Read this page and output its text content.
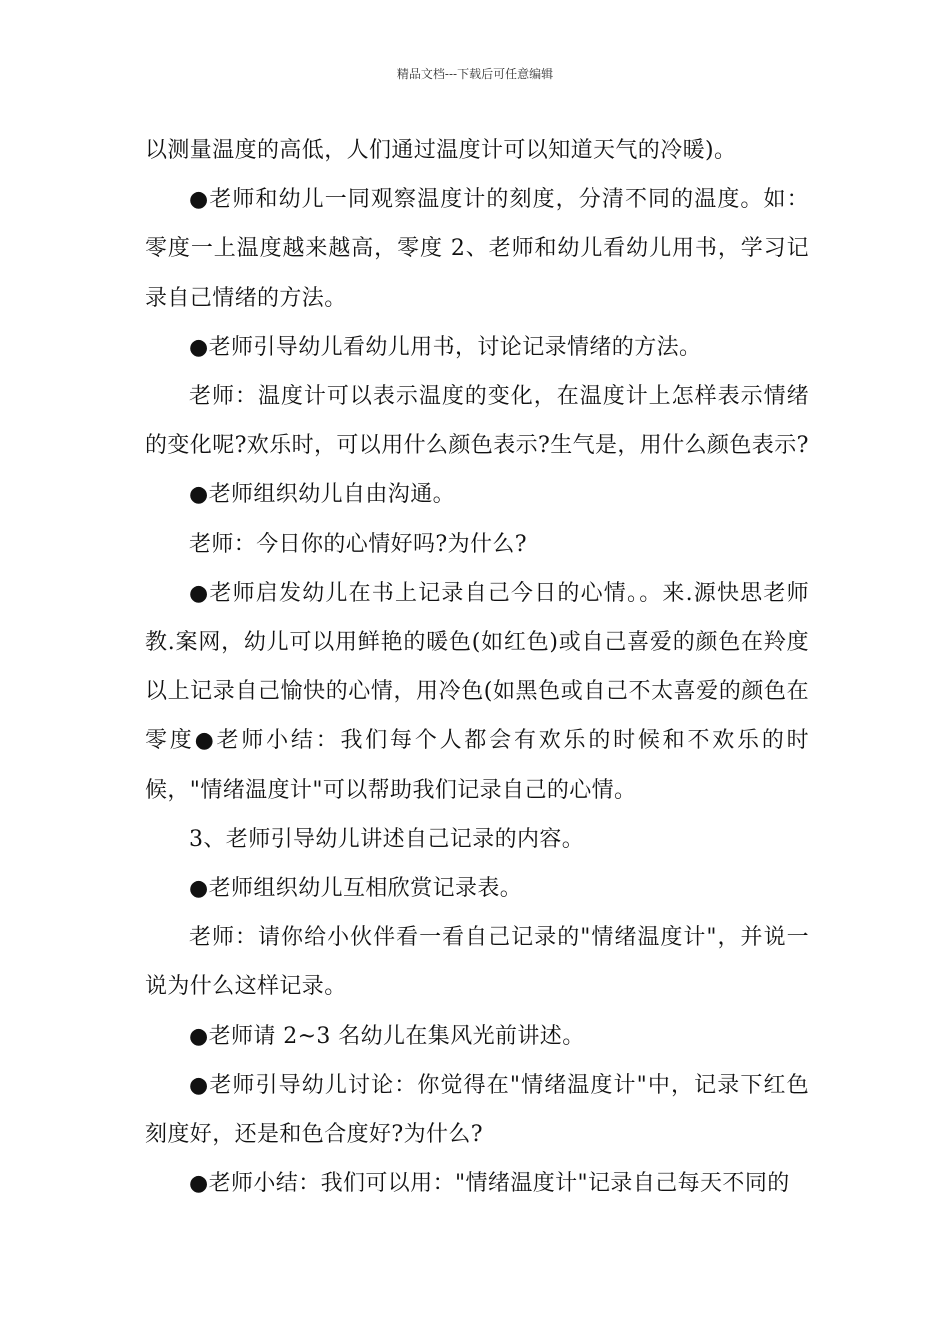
精品文档---下载后可任意编辑

以测量温度的高低，人们通过温度计可以知道天气的冷暖)。

●老师和幼儿一同观察温度计的刻度，分清不同的温度。如：零度一上温度越来越高，零度 2、老师和幼儿看幼儿用书，学习记录自己情绪的方法。

●老师引导幼儿看幼儿用书，讨论记录情绪的方法。

老师：温度计可以表示温度的变化，在温度计上怎样表示情绪的变化呢?欢乐时，可以用什么颜色表示?生气是，用什么颜色表示?

●老师组织幼儿自由沟通。

老师：今日你的心情好吗?为什么?

●老师启发幼儿在书上记录自己今日的心情。。来.源快思老师教.案网，幼儿可以用鲜艳的暖色(如红色)或自己喜爱的颜色在羚度以上记录自己愉快的心情，用冷色(如黑色或自己不太喜爱的颜色在零度●老师小结：我们每个人都会有欢乐的时候和不欢乐的时候，"情绪温度计"可以帮助我们记录自己的心情。

3、老师引导幼儿讲述自己记录的内容。

●老师组织幼儿互相欣赏记录表。

老师：请你给小伙伴看一看自己记录的"情绪温度计"，并说一说为什么这样记录。

●老师请 2~3 名幼儿在集风光前讲述。

●老师引导幼儿讨论：你觉得在"情绪温度计"中，记录下红色刻度好，还是和色合度好?为什么?

●老师小结：我们可以用："情绪温度计"记录自己每天不同的
